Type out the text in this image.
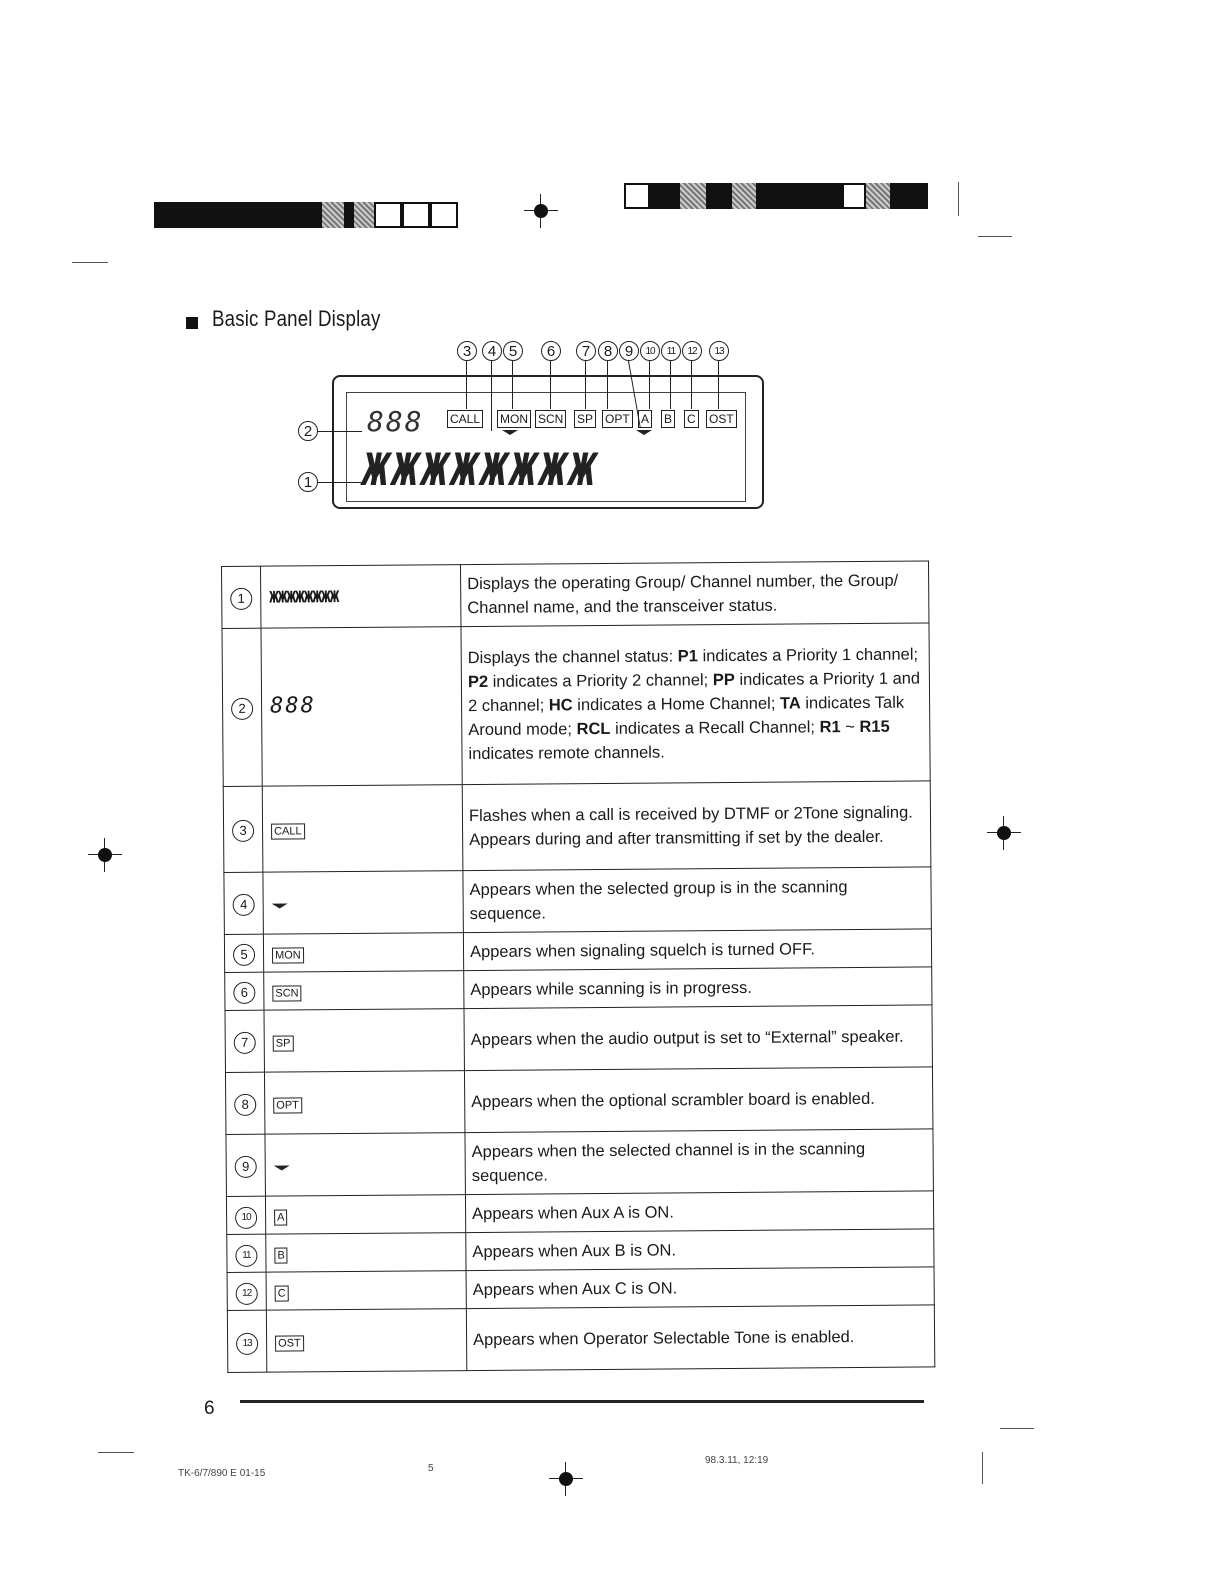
Basic Panel Display
888
ЖЖЖЖЖЖЖЖ
CALL MON SCN SP OPT A B C OST
3	4 5	6	7 8 9	10	11	12	13
2
1
1	ЖЖЖЖЖЖЖЖ	Displays the operating Group/ Channel number, the Group/ Channel name, and the transceiver status.
2	888	Displays the channel status: P1 indicates a Priority 1 channel; P2 indicates a Priority 2 channel; PP indicates a Priority 1 and 2 channel; HC indicates a Home Channel; TA indicates Talk Around mode; RCL indicates a Recall Channel; R1 ~ R15 indicates remote channels.
3	CALL	Flashes when a call is received by DTMF or 2Tone signaling. Appears during and after transmitting if set by the dealer.
4		Appears when the selected group is in the scanning sequence.
5	MON	Appears when signaling squelch is turned OFF.
6	SCN	Appears while scanning is in progress.
7	SP	Appears when the audio output is set to “External” speaker.
8	OPT	Appears when the optional scrambler board is enabled.
9		Appears when the selected channel is in the scanning sequence.
10	A	Appears when Aux A is ON.
11	B	Appears when Aux B is ON.
12	C	Appears when Aux C is ON.
13	OST	Appears when Operator Selectable Tone is enabled.
6
TK-6/7/890 E 01-15	5
98.3.11, 12:19
